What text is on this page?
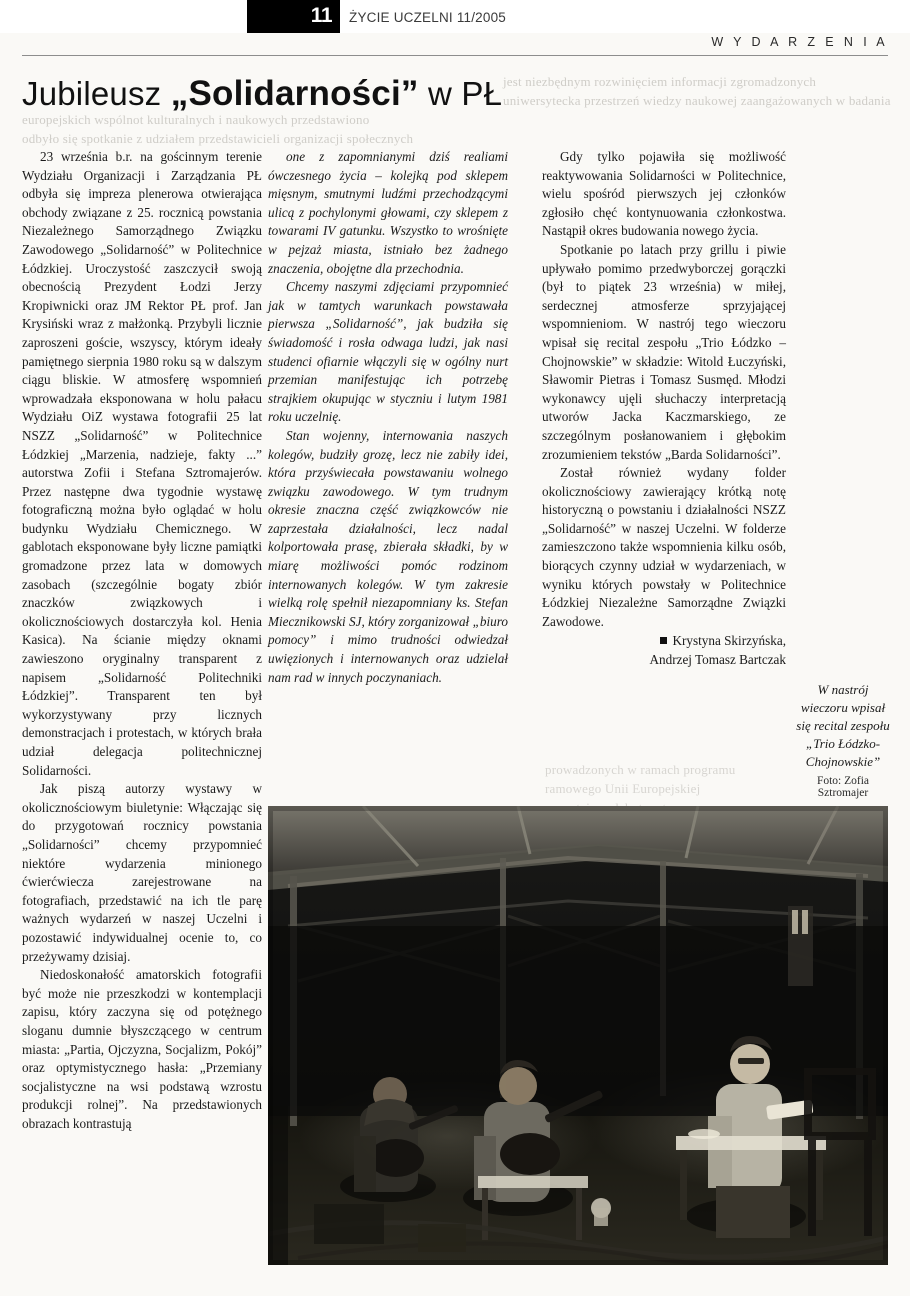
11 ŻYCIE UCZELNI 11/2005
W Y D A R Z E N I A
Jubileusz „Solidarności” w PŁ jest niezbędnym rozwinięciem informacji zgromadzonych
uniwersytecka przestrzeń wiedzy naukowej zaangażowanych w badania
europejskich wspólnot kulturalnych i naukowych przedstawiono
odbyło się spotkanie z udziałem przedstawicieli organizacji społecznych
prowadzonych w ramach programu ramowego Unii Europejskiej

23 września b.r. na gościnnym terenie Wydziału Organizacji i Zarządzania PŁ odbyła się impreza plenerowa otwierająca obchody związane z 25. rocznicą powstania Niezależnego Samorządnego Związku Zawodowego „Solidarność” w Politechnice Łódzkiej. Uroczystość zaszczycił swoją obecnością Prezydent Łodzi Jerzy Kropiwnicki oraz JM Rektor PŁ prof. Jan Krysiński wraz z małżonką. Przybyli licznie zaproszeni goście, wszyscy, którym ideały pamiętnego sierpnia 1980 roku są w dalszym ciągu bliskie. W atmosferę wspomnień wprowadzała eksponowana w holu pałacu Wydziału OiZ wystawa fotografii 25 lat NSZZ „Solidarność” w Politechnice Łódzkiej „Marzenia, nadzieje, fakty ...” autorstwa Zofii i Stefana Sztromajerów. Przez następne dwa tygodnie wystawę fotograficzną można było oglądać w holu budynku Wydziału Chemicznego. W gablotach eksponowane były liczne pamiątki gromadzone przez lata w domowych zasobach (szczególnie bogaty zbiór znaczków związkowych i okolicznościowych dostarczyła kol. Henia Kasica). Na ścianie między oknami zawieszono oryginalny transparent z napisem „Solidarność Politechniki Łódzkiej”. Transparent ten był wykorzystywany przy licznych demonstracjach i protestach, w których brała udział delegacja politechnicznej Solidarności.

Jak piszą autorzy wystawy w okolicznościowym biuletynie: Włączając się do przygotowań rocznicy powstania „Solidarności” chcemy przypomnieć niektóre wydarzenia minionego ćwierćwiecza zarejestrowane na fotografiach, przedstawić na ich tle parę ważnych wydarzeń w naszej Uczelni i pozostawić indywidualnej ocenie to, co przeżywamy dzisiaj.

Niedoskonałość amatorskich fotografii być może nie przeszkodzi w kontemplacji zapisu, który zaczyna się od potężnego sloganu dumnie błyszczącego w centrum miasta: „Partia, Ojczyzna, Socjalizm, Pokój” oraz optymistycznego hasła: „Przemiany socjalistyczne na wsi podstawą wzrostu produkcji rolnej”. Na przedstawionych obrazach kontrastują

one z zapomnianymi dziś realiami ówczesnego życia – kolejką pod sklepem mięsnym, smutnymi ludźmi przechodzącymi ulicą z pochylonymi głowami, czy sklepem z towarami IV gatunku. Wszystko to wrośnięte w pejzaż miasta, istniało bez żadnego znaczenia, obojętne dla przechodnia.

Chcemy naszymi zdjęciami przypomnieć jak w tamtych warunkach powstawała pierwsza „Solidarność”, jak budziła się świadomość i rosła odwaga ludzi, jak nasi studenci ofiarnie włączyli się w ogólny nurt przemian manifestując ich potrzebę strajkiem okupując w styczniu i lutym 1981 roku uczelnię.

Stan wojenny, internowania naszych kolegów, budziły grozę, lecz nie zabiły idei, która przyświecała powstawaniu wolnego związku zawodowego. W tym trudnym okresie znaczna część związkowców nie zaprzestała działalności, lecz nadal kolportowała prasę, zbierała składki, by w miarę możliwości pomóc rodzinom internowanych kolegów. W tym zakresie wielką rolę spełnił niezapomniany ks. Stefan Miecznikowski SJ, który zorganizował „biuro pomocy” i mimo trudności odwiedzał uwięzionych i internowanych oraz udzielał nam rad w innych poczynaniach.

Gdy tylko pojawiła się możliwość reaktywowania Solidarności w Politechnice, wielu spośród pierwszych jej członków zgłosiło chęć kontynuowania członkostwa. Nastąpił okres budowania nowego życia.

Spotkanie po latach przy grillu i piwie upływało pomimo przedwyborczej gorączki (był to piątek 23 września) w miłej, serdecznej atmosferze sprzyjającej wspomnieniom. W nastrój tego wieczoru wpisał się recital zespołu „Trio Łódzko – Chojnowskie” w składzie: Witold Łuczyński, Sławomir Pietras i Tomasz Susmęd. Młodzi wykonawcy ujęli słuchaczy interpretacją utworów Jacka Kaczmarskiego, ze szczególnym posłanowaniem i głębokim zrozumieniem tekstów „Barda Solidarności”.

Został również wydany folder okolicznościowy zawierający krótką notę historyczną o powstaniu i działalności NSZZ „Solidarność” w naszej Uczelni. W folderze zamieszczono także wspomnienia kilku osób, biorących czynny udział w wydarzeniach, w wyniku których powstały w Politechnice Łódzkiej Niezależne Samorządne Związki Zawodowe.

Krystyna Skirzyńska,
Andrzej Tomasz Bartczak

W nastrój wieczoru wpisał się recital zespołu „Trio Łódzko-Chojnowskie”
Foto: Zofia Sztromajer
